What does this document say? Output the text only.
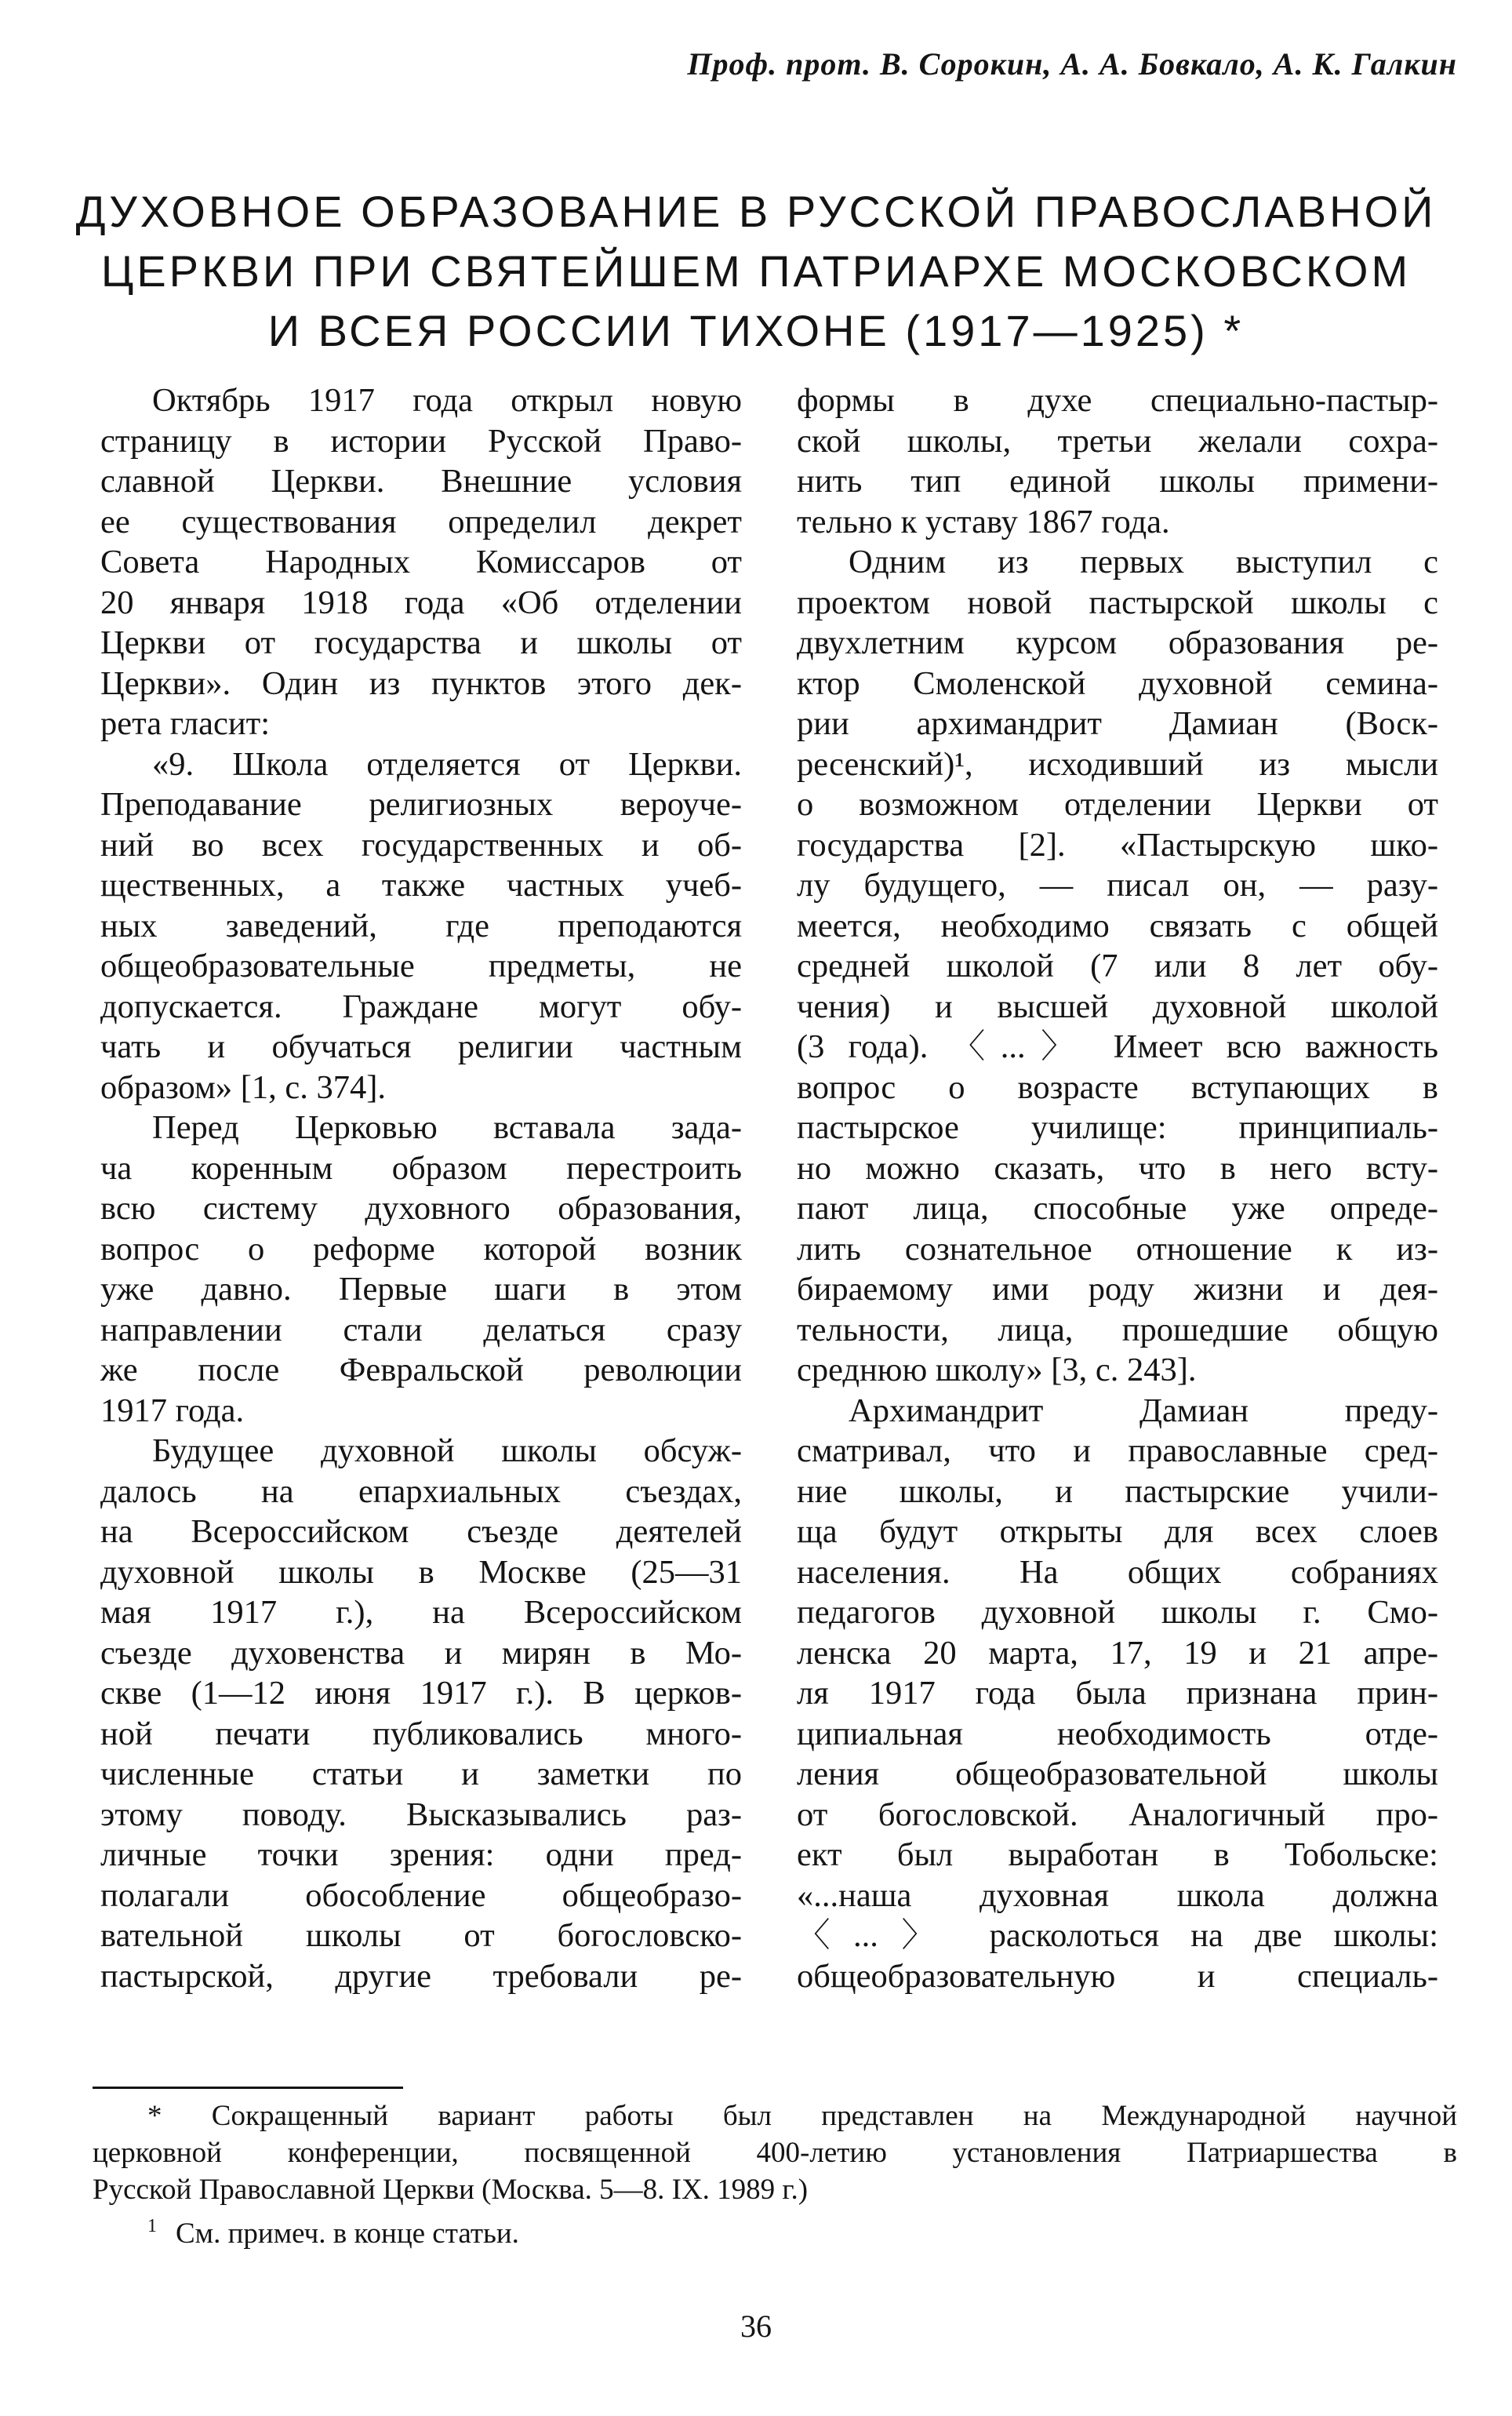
Проф. прот. В. Сорокин, А. А. Бовкало, А. К. Галкин
ДУХОВНОЕ ОБРАЗОВАНИЕ В РУССКОЙ ПРАВОСЛАВНОЙ
ЦЕРКВИ ПРИ СВЯТЕЙШЕМ ПАТРИАРХЕ МОСКОВСКОМ
И ВСЕЯ РОССИИ ТИХОНЕ (1917—1925) *
Октябрь 1917 года открыл новую
страницу в истории Русской Право-
славной Церкви. Внешние условия
ее существования определил декрет
Совета Народных Комиссаров от
20 января 1918 года «Об отделении
Церкви от государства и школы от
Церкви». Один из пунктов этого дек-
рета гласит:
«9. Школа отделяется от Церкви.
Преподавание религиозных вероуче-
ний во всех государственных и об-
щественных, а также частных учеб-
ных заведений, где преподаются
общеобразовательные предметы, не
допускается. Граждане могут обу-
чать и обучаться религии частным
образом» [1, с. 374].
Перед Церковью вставала зада-
ча коренным образом перестроить
всю систему духовного образования,
вопрос о реформе которой возник
уже давно. Первые шаги в этом
направлении стали делаться сразу
же после Февральской революции
1917 года.
Будущее духовной школы обсуж-
далось на епархиальных съездах,
на Всероссийском съезде деятелей
духовной школы в Москве (25—31
мая 1917 г.), на Всероссийском
съезде духовенства и мирян в Мо-
скве (1—12 июня 1917 г.). В церков-
ной печати публиковались много-
численные статьи и заметки по
этому поводу. Высказывались раз-
личные точки зрения: одни пред-
полагали обособление общеобразо-
вательной школы от богословско-
пастырской, другие требовали ре-
формы в духе специально-пастыр-
ской школы, третьи желали сохра-
нить тип единой школы примени-
тельно к уставу 1867 года.
Одним из первых выступил с
проектом новой пастырской школы с
двухлетним курсом образования ре-
ктор Смоленской духовной семина-
рии архимандрит Дамиан (Воск-
ресенский)¹, исходивший из мысли
о возможном отделении Церкви от
государства [2]. «Пастырскую шко-
лу будущего, — писал он, — разу-
меется, необходимо связать с общей
средней школой (7 или 8 лет обу-
чения) и высшей духовной школой
(3 года). 〈...〉 Имеет всю важность
вопрос о возрасте вступающих в
пастырское училище: принципиаль-
но можно сказать, что в него всту-
пают лица, способные уже опреде-
лить сознательное отношение к из-
бираемому ими роду жизни и дея-
тельности, лица, прошедшие общую
среднюю школу» [3, с. 243].
Архимандрит Дамиан преду-
сматривал, что и православные сред-
ние школы, и пастырские учили-
ща будут открыты для всех слоев
населения. На общих собраниях
педагогов духовной школы г. Смо-
ленска 20 марта, 17, 19 и 21 апре-
ля 1917 года была признана прин-
ципиальная необходимость отде-
ления общеобразовательной школы
от богословской. Аналогичный про-
ект был выработан в Тобольске:
«...наша духовная школа должна
〈...〉 расколоться на две школы:
общеобразовательную и специаль-
* Сокращенный вариант работы был представлен на Международной научной
церковной конференции, посвященной 400-летию установления Патриаршества в
Русской Православной Церкви (Москва. 5—8. IX. 1989 г.)
$^1$ См. примеч. в конце статьи.
36
